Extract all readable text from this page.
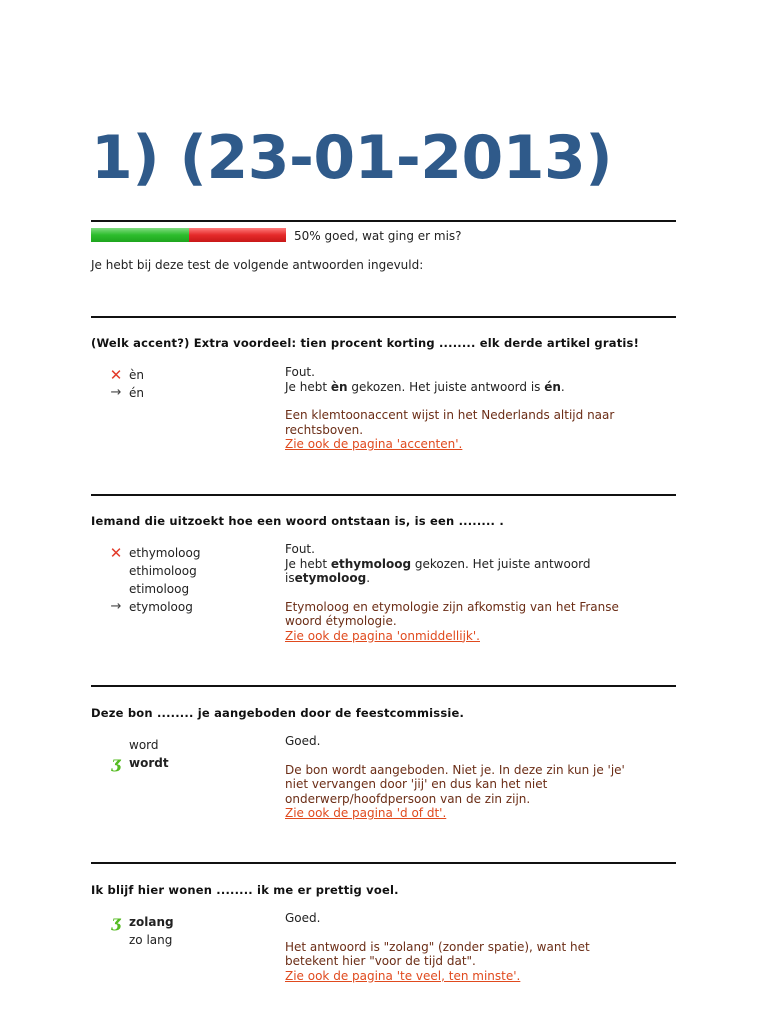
1) (23-01-2013)
50% goed, wat ging er mis?
Je hebt bij deze test de volgende antwoorden ingevuld:
(Welk accent?) Extra voordeel: tien procent korting ........ elk derde artikel gratis!
✕ èn
→ én
Fout.
Je hebt èn gekozen. Het juiste antwoord is én.
Een klemtoonaccent wijst in het Nederlands altijd naar rechtsboven.
Zie ook de pagina 'accenten'.
Iemand die uitzoekt hoe een woord ontstaan is, is een ........ .
✕ ethymoloog
ethimoloog
etimoloog
→ etymoloog
Fout.
Je hebt ethymoloog gekozen. Het juiste antwoord isetymoloog.
Etymoloog en etymologie zijn afkomstig van het Franse woord étymologie.
Zie ook de pagina 'onmiddellijk'.
Deze bon ........ je aangeboden door de feestcommissie.
word
ʒ wordt
Goed.
De bon wordt aangeboden. Niet je. In deze zin kun je 'je' niet vervangen door 'jij' en dus kan het niet onderwerp/hoofdpersoon van de zin zijn.
Zie ook de pagina 'd of dt'.
Ik blijf hier wonen ........ ik me er prettig voel.
ʒ zolang
zo lang
Goed.
Het antwoord is "zolang" (zonder spatie), want het betekent hier "voor de tijd dat".
Zie ook de pagina 'te veel, ten minste'.
